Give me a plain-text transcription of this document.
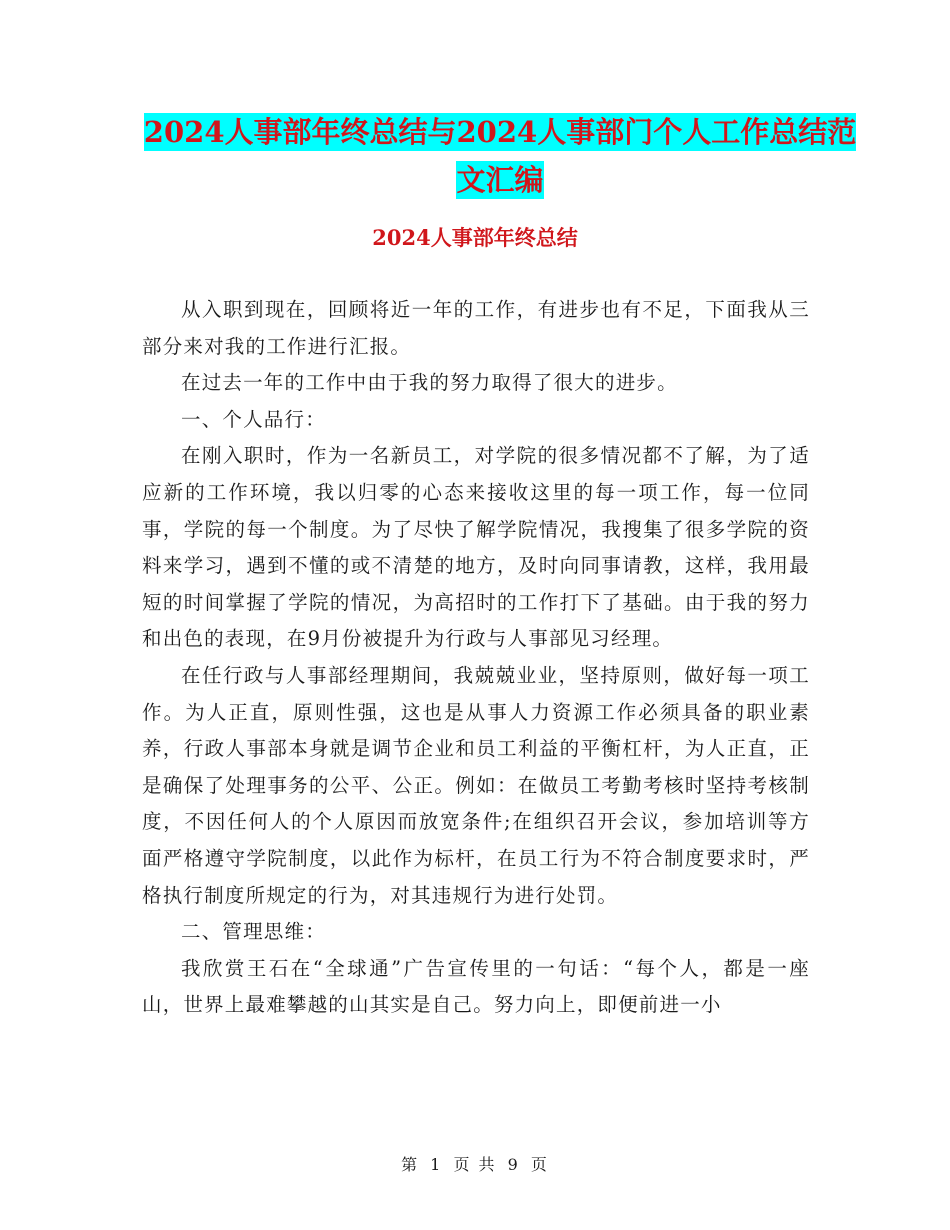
2024人事部年终总结与2024人事部门个人工作总结范
文汇编
2024人事部年终总结

从入职到现在，回顾将近一年的工作，有进步也有不足，下面我从三部分来对我的工作进行汇报。

在过去一年的工作中由于我的努力取得了很大的进步。

一、个人品行：

在刚入职时，作为一名新员工，对学院的很多情况都不了解，为了适应新的工作环境，我以归零的心态来接收这里的每一项工作，每一位同事，学院的每一个制度。为了尽快了解学院情况，我搜集了很多学院的资料来学习，遇到不懂的或不清楚的地方，及时向同事请教，这样，我用最短的时间掌握了学院的情况，为高招时的工作打下了基础。由于我的努力和出色的表现，在9月份被提升为行政与人事部见习经理。

在任行政与人事部经理期间，我兢兢业业，坚持原则，做好每一项工作。为人正直，原则性强，这也是从事人力资源工作必须具备的职业素养，行政人事部本身就是调节企业和员工利益的平衡杠杆，为人正直，正是确保了处理事务的公平、公正。例如：在做员工考勤考核时坚持考核制度，不因任何人的个人原因而放宽条件;在组织召开会议，参加培训等方面严格遵守学院制度，以此作为标杆，在员工行为不符合制度要求时，严格执行制度所规定的行为，对其违规行为进行处罚。

二、管理思维：

我欣赏王石在“全球通”广告宣传里的一句话：“每个人，都是一座山，世界上最难攀越的山其实是自己。努力向上，即便前进一小

第 1 页 共 9 页
